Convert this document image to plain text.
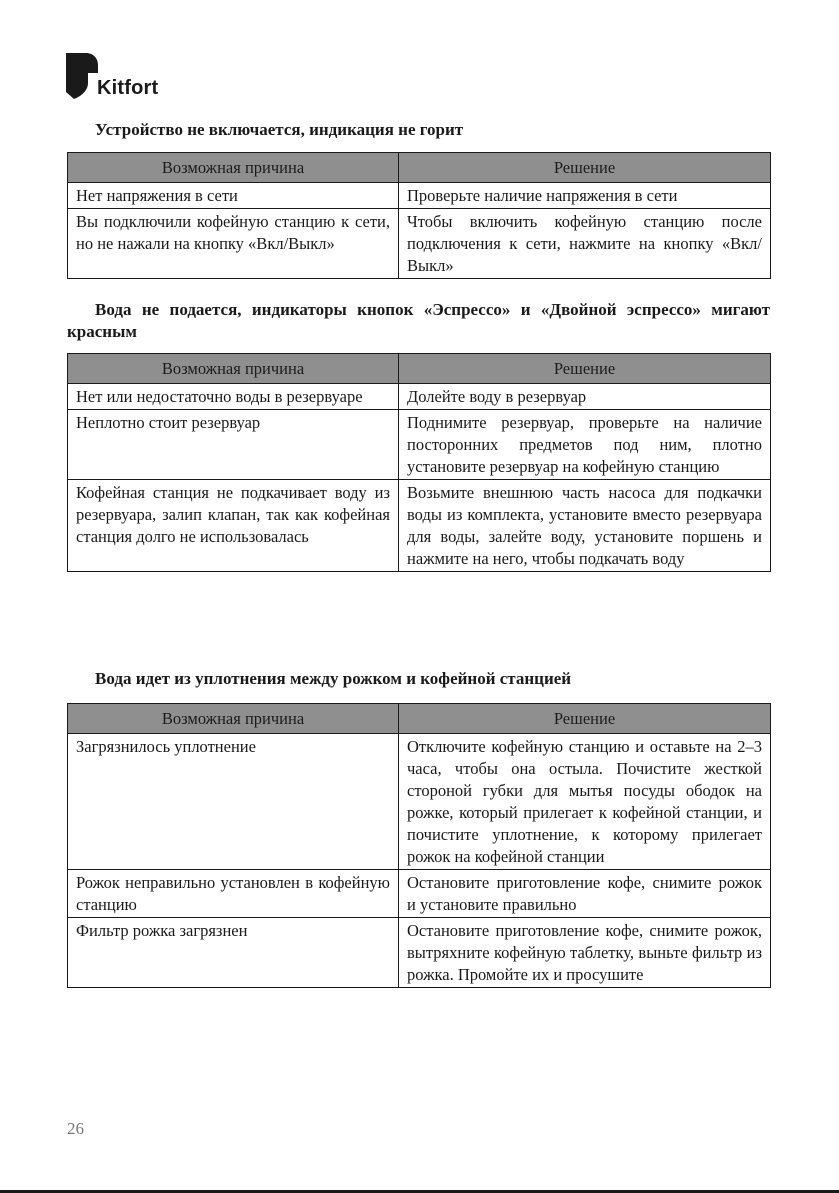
Kitfort

Устройство не включается, индикация не горит

Возможная причина	Решение
Нет напряжения в сети	Проверьте наличие напряжения в сети
Вы подключили кофейную станцию к сети, но не нажали на кнопку «Вкл/Выкл»	Чтобы включить кофейную станцию после подключения к сети, нажмите на кнопку «Вкл/Выкл»

Вода не подается, индикаторы кнопок «Эспрессо» и «Двойной эспрессо» мигают красным

Возможная причина	Решение
Нет или недостаточно воды в резервуаре	Долейте воду в резервуар
Неплотно стоит резервуар	Поднимите резервуар, проверьте на наличие посторонних предметов под ним, плотно установите резервуар на кофейную станцию
Кофейная станция не подкачивает воду из резервуара, залип клапан, так как кофейная станция долго не использовалась	Возьмите внешнюю часть насоса для подкачки воды из комплекта, установите вместо резервуара для воды, залейте воду, установите поршень и нажмите на него, чтобы подкачать воду

Вода идет из уплотнения между рожком и кофейной станцией

Возможная причина	Решение
Загрязнилось уплотнение	Отключите кофейную станцию и оставьте на 2–3 часа, чтобы она остыла. Почистите жесткой стороной губки для мытья посуды ободок на рожке, который прилегает к кофейной станции, и почистите уплотнение, к которому прилегает рожок на кофейной станции
Рожок неправильно установлен в кофейную станцию	Остановите приготовление кофе, снимите рожок и установите правильно
Фильтр рожка загрязнен	Остановите приготовление кофе, снимите рожок, вытряхните кофейную таблетку, выньте фильтр из рожка. Промойте их и просушите
26
